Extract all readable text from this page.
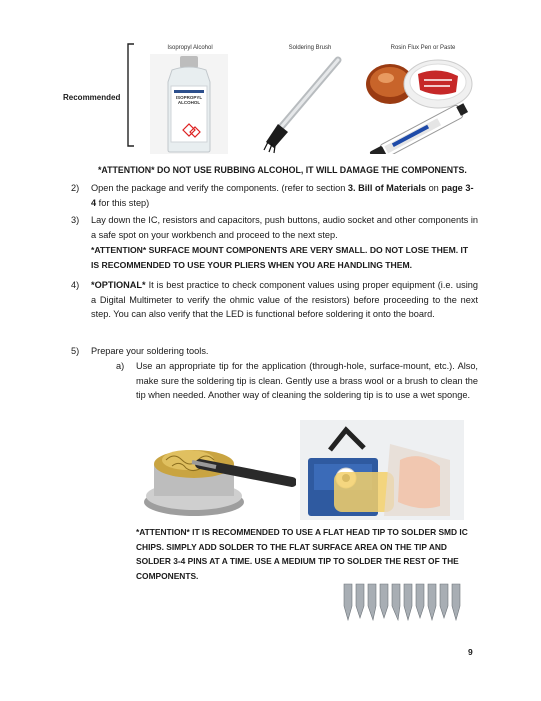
Recommended
Isopropyl Alcohol	Soldering Brush	Rosin Flux Pen or Paste
ISOPROPYL
ALCOHOL
*ATTENTION* DO NOT USE RUBBING ALCOHOL, IT WILL DAMAGE THE COMPONENTS.
2) Open the package and verify the components. (refer to section 3. Bill of Materials on page 3-4 for this step)
3) Lay down the IC, resistors and capacitors, push buttons, audio socket and other components in a safe spot on your workbench and proceed to the next step.
*ATTENTION* SURFACE MOUNT COMPONENTS ARE VERY SMALL. DO NOT LOSE THEM. IT IS RECOMMENDED TO USE YOUR PLIERS WHEN YOU ARE HANDLING THEM.
4) *OPTIONAL* It is best practice to check component values using proper equipment (i.e. using a Digital Multimeter to verify the ohmic value of the resistors) before proceeding to the next step. You can also verify that the LED is functional before soldering it onto the board.
5) Prepare your soldering tools.
a) Use an appropriate tip for the application (through-hole, surface-mount, etc.). Also, make sure the soldering tip is clean. Gently use a brass wool or a brush to clean the tip when needed. Another way of cleaning the soldering tip is to use a wet sponge.
*ATTENTION* IT IS RECOMMENDED TO USE A FLAT HEAD TIP TO SOLDER SMD IC CHIPS. SIMPLY ADD SOLDER TO THE FLAT SURFACE AREA ON THE TIP AND SOLDER 3-4 PINS AT A TIME. USE A MEDIUM TIP TO SOLDER THE REST OF THE COMPONENTS.
9
